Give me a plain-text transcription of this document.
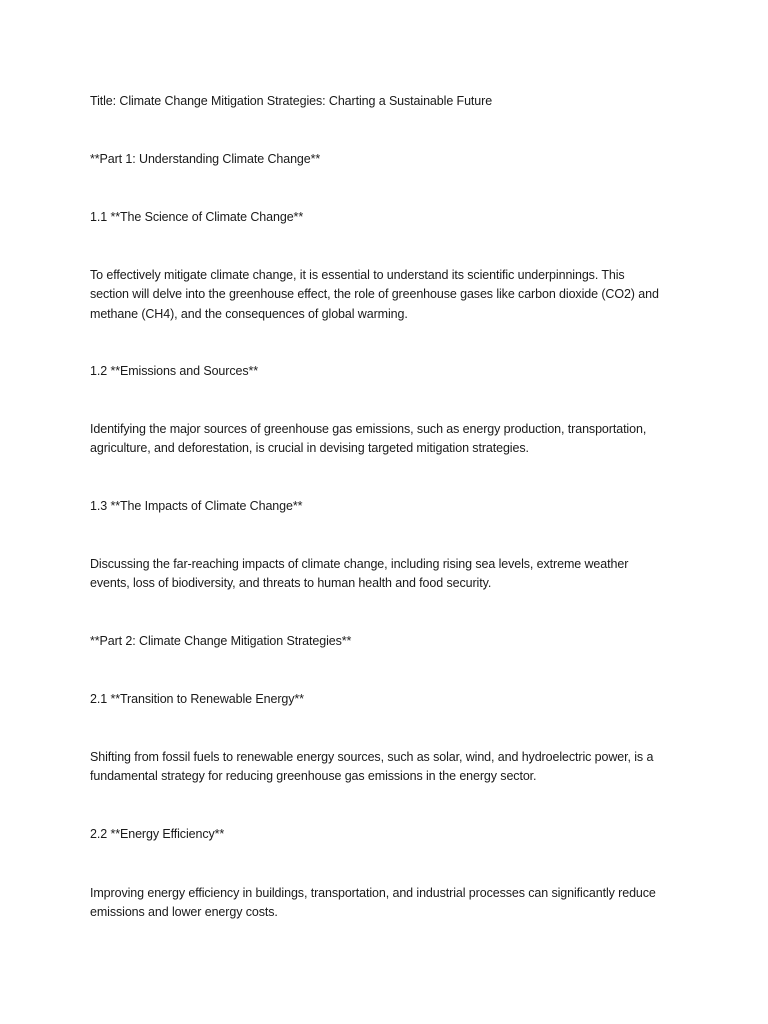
Title: Climate Change Mitigation Strategies: Charting a Sustainable Future
**Part 1: Understanding Climate Change**
1.1 **The Science of Climate Change**
To effectively mitigate climate change, it is essential to understand its scientific underpinnings. This
section will delve into the greenhouse effect, the role of greenhouse gases like carbon dioxide (CO2) and
methane (CH4), and the consequences of global warming.
1.2 **Emissions and Sources**
Identifying the major sources of greenhouse gas emissions, such as energy production, transportation,
agriculture, and deforestation, is crucial in devising targeted mitigation strategies.
1.3 **The Impacts of Climate Change**
Discussing the far-reaching impacts of climate change, including rising sea levels, extreme weather
events, loss of biodiversity, and threats to human health and food security.
**Part 2: Climate Change Mitigation Strategies**
2.1 **Transition to Renewable Energy**
Shifting from fossil fuels to renewable energy sources, such as solar, wind, and hydroelectric power, is a
fundamental strategy for reducing greenhouse gas emissions in the energy sector.
2.2 **Energy Efficiency**
Improving energy efficiency in buildings, transportation, and industrial processes can significantly reduce
emissions and lower energy costs.
